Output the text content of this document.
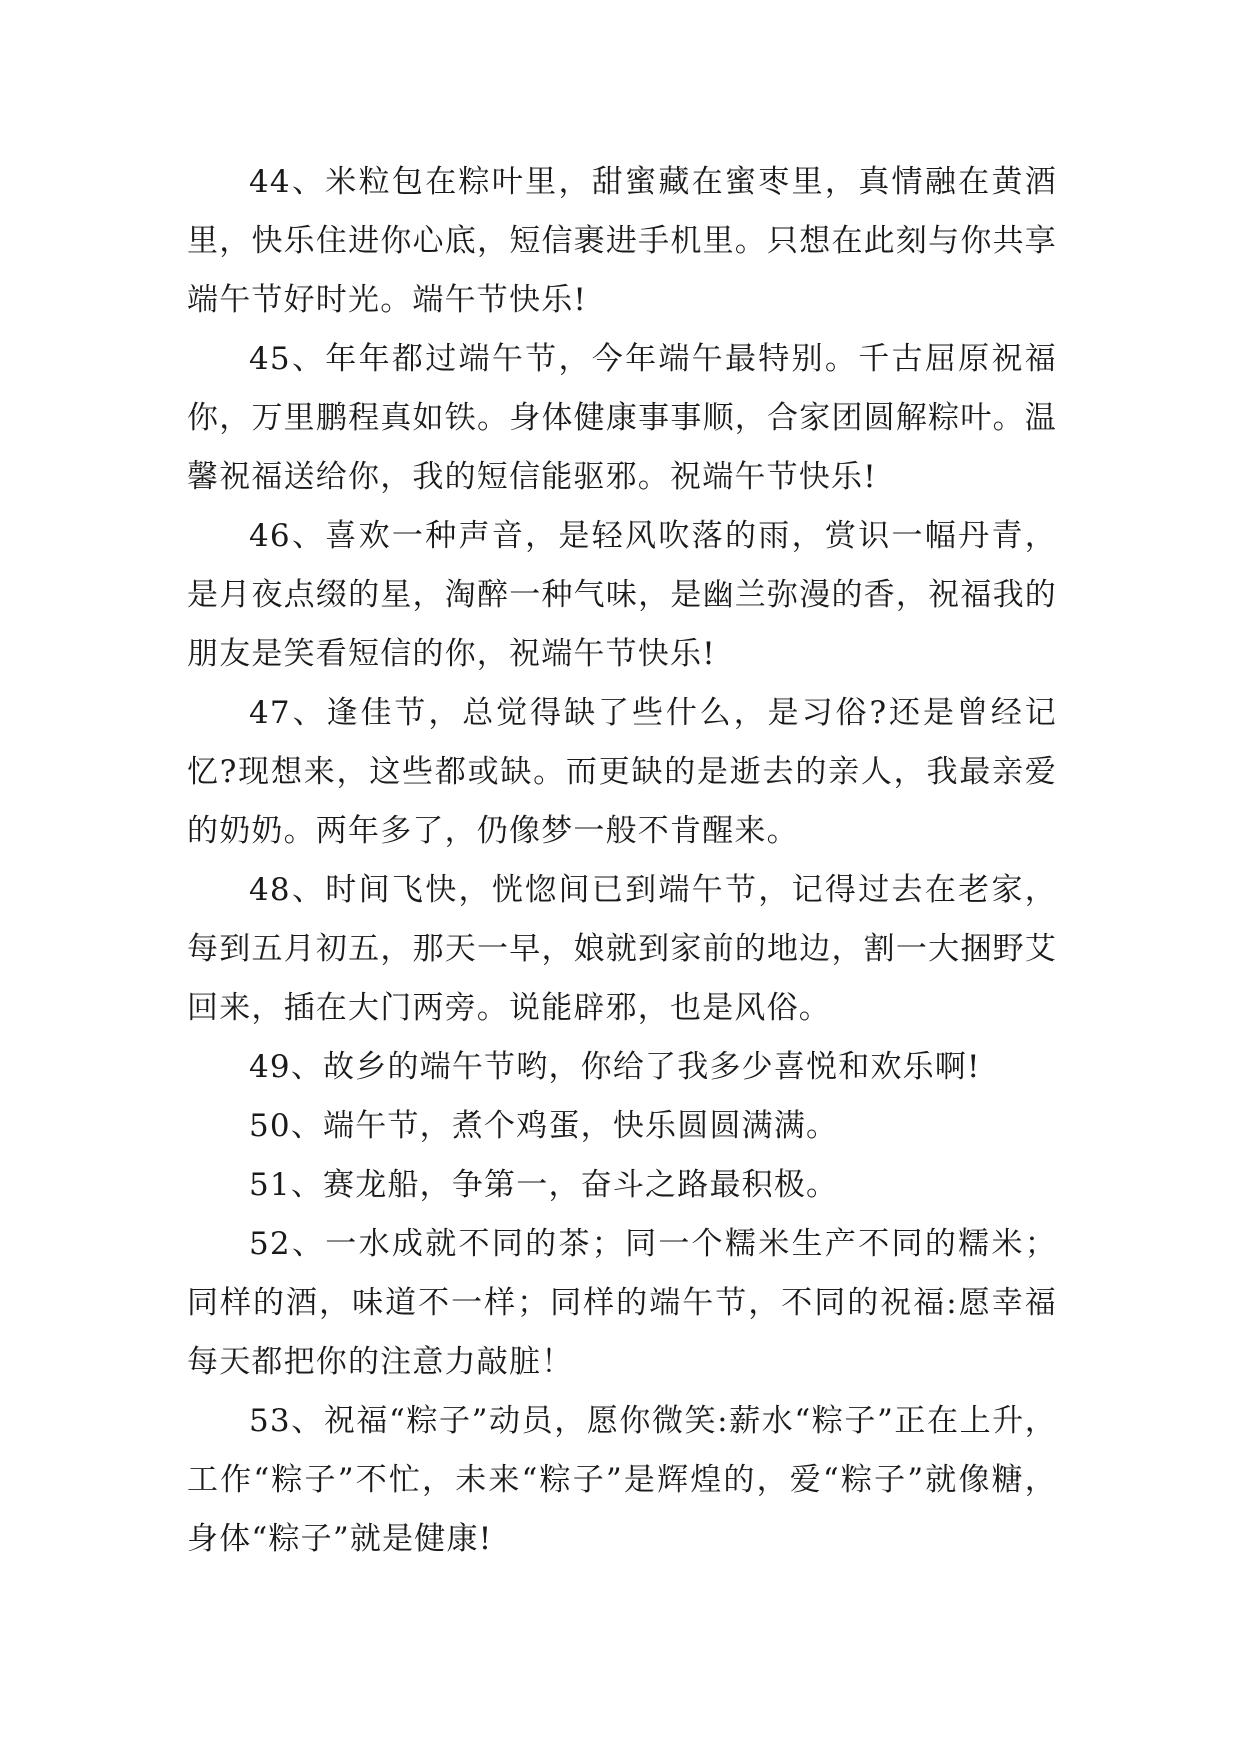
44、米粒包在粽叶里，甜蜜藏在蜜枣里，真情融在黄酒里，快乐住进你心底，短信裹进手机里。只想在此刻与你共享端午节好时光。端午节快乐!

45、年年都过端午节，今年端午最特别。千古屈原祝福你，万里鹏程真如铁。身体健康事事顺，合家团圆解粽叶。温馨祝福送给你，我的短信能驱邪。祝端午节快乐!

46、喜欢一种声音，是轻风吹落的雨，赏识一幅丹青，是月夜点缀的星，淘醉一种气味，是幽兰弥漫的香，祝福我的朋友是笑看短信的你，祝端午节快乐!

47、逢佳节，总觉得缺了些什么，是习俗?还是曾经记忆?现想来，这些都或缺。而更缺的是逝去的亲人，我最亲爱的奶奶。两年多了，仍像梦一般不肯醒来。

48、时间飞快，恍惚间已到端午节，记得过去在老家，每到五月初五，那天一早，娘就到家前的地边，割一大捆野艾回来，插在大门两旁。说能辟邪，也是风俗。

49、故乡的端午节哟，你给了我多少喜悦和欢乐啊!

50、端午节，煮个鸡蛋，快乐圆圆满满。

51、赛龙船，争第一，奋斗之路最积极。

52、一水成就不同的茶；同一个糯米生产不同的糯米；同样的酒，味道不一样；同样的端午节，不同的祝福:愿幸福每天都把你的注意力敲脏！

53、祝福“粽子”动员，愿你微笑:薪水“粽子”正在上升，工作“粽子”不忙，未来“粽子”是辉煌的，爱“粽子”就像糖，身体“粽子”就是健康!
